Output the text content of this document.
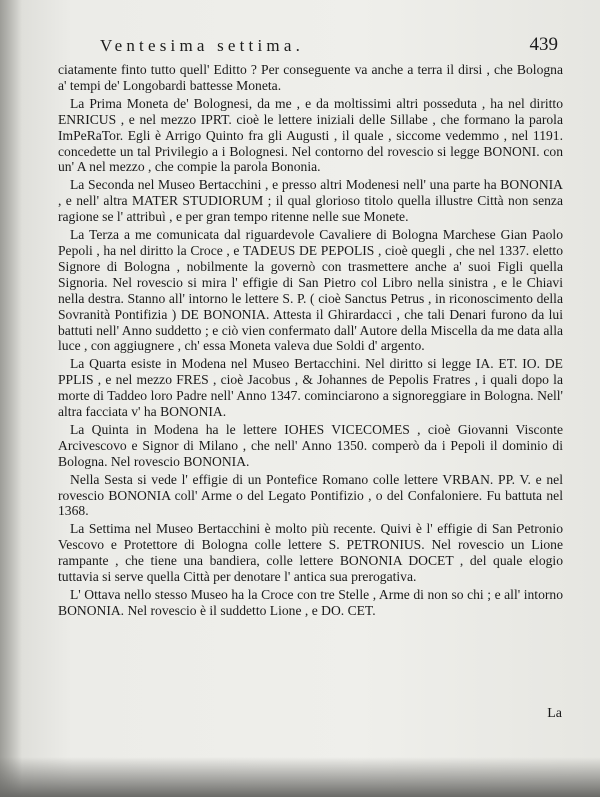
Ventesima settima.	439

ciatamente finto tutto quell' Editto ? Per conseguente va anche a terra il dirsi , che Bologna a' tempi de' Longobardi battesse Moneta.

La Prima Moneta de' Bolognesi, da me , e da moltissimi altri posseduta , ha nel diritto ENRICUS , e nel mezzo IPRT. cioè le lettere iniziali delle Sillabe , che formano la parola ImPeRaTor. Egli è Arrigo Quinto fra gli Augusti , il quale , siccome vedemmo , nel 1191. concedette un tal Privilegio a i Bolognesi. Nel contorno del rovescio si legge BONONI. con un' A nel mezzo , che compie la parola Bononia.

La Seconda nel Museo Bertacchini , e presso altri Modenesi nell' una parte ha BONONIA , e nell' altra MATER STUDIORUM ; il qual glorioso titolo quella illustre Città non senza ragione se l' attribuì , e per gran tempo ritenne nelle sue Monete.

La Terza a me comunicata dal riguardevole Cavaliere di Bologna Marchese Gian Paolo Pepoli , ha nel diritto la Croce , e TADEUS DE PEPOLIS , cioè quegli , che nel 1337. eletto Signore di Bologna , nobilmente la governò con trasmettere anche a' suoi Figli quella Signoria. Nel rovescio si mira l' effigie di San Pietro col Libro nella sinistra , e le Chiavi nella destra. Stanno all' intorno le lettere S. P. ( cioè Sanctus Petrus , in riconoscimento della Sovranità Pontifizia ) DE BONONIA. Attesta il Ghirardacci , che tali Denari furono da lui battuti nell' Anno suddetto ; e ciò vien confermato dall' Autore della Miscella da me data alla luce , con aggiugnere , ch' essa Moneta valeva due Soldi d' argento.

La Quarta esiste in Modena nel Museo Bertacchini. Nel diritto si legge IA. ET. IO. DE PPLIS , e nel mezzo FRES , cioè Jacobus , & Johannes de Pepolis Fratres , i quali dopo la morte di Taddeo loro Padre nell' Anno 1347. cominciarono a signoreggiare in Bologna. Nell' altra facciata v' ha BONONIA.

La Quinta in Modena ha le lettere IOHES VICECOMES , cioè Giovanni Visconte Arcivescovo e Signor di Milano , che nell' Anno 1350. comperò da i Pepoli il dominio di Bologna. Nel rovescio BONONIA.

Nella Sesta si vede l' effigie di un Pontefice Romano colle lettere VRBAN. PP. V. e nel rovescio BONONIA coll' Arme o del Legato Pontifizio , o del Confaloniere. Fu battuta nel 1368.

La Settima nel Museo Bertacchini è molto più recente. Quivi è l' effigie di San Petronio Vescovo e Protettore di Bologna colle lettere S. PETRONIUS. Nel rovescio un Lione rampante , che tiene una bandiera, colle lettere BONONIA DOCET , del quale elogio tuttavia si serve quella Città per denotare l' antica sua prerogativa.

L' Ottava nello stesso Museo ha la Croce con tre Stelle , Arme di non so chi ; e all' intorno BONONIA. Nel rovescio è il suddetto Lione , e DO. CET.

La
